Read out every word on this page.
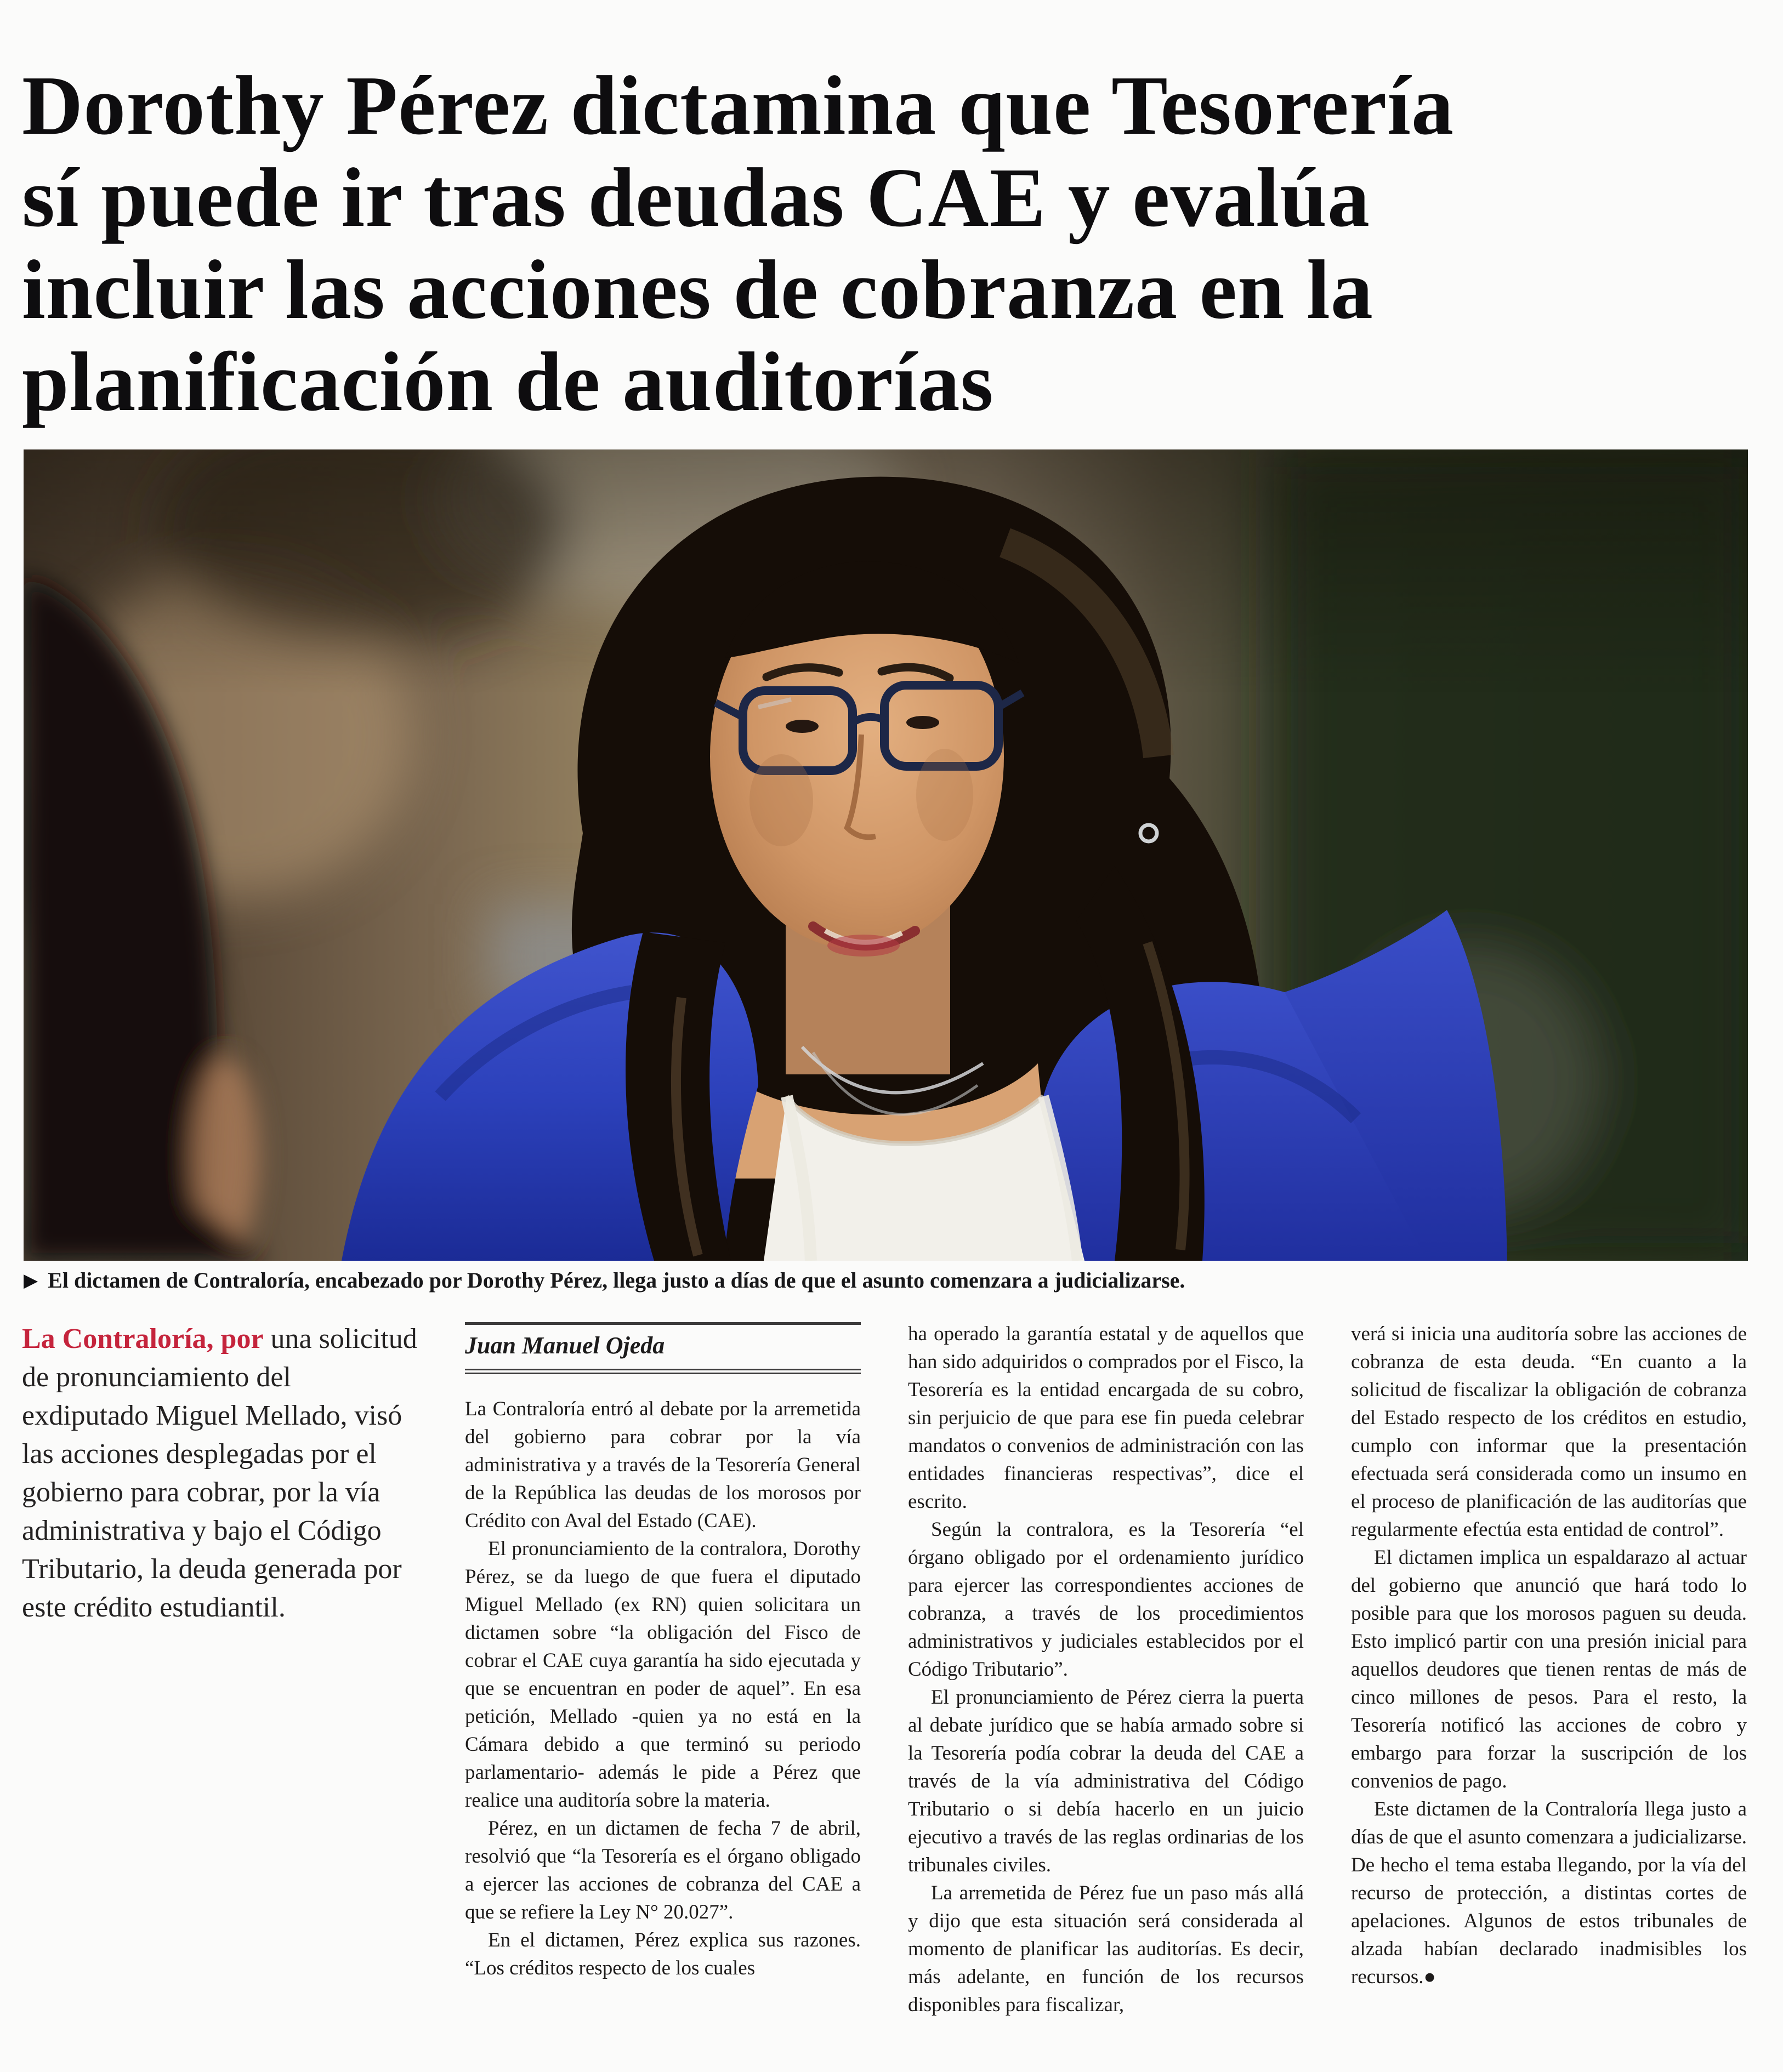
Dorothy Pérez dictamina que Tesorería
sí puede ir tras deudas CAE y evalúa
incluir las acciones de cobranza en la
planificación de auditorías
▶ El dictamen de Contraloría, encabezado por Dorothy Pérez, llega justo a días de que el asunto comenzara a judicializarse.

La Contraloría, por una solicitud de pronunciamiento del exdiputado Miguel Mellado, visó las acciones desplegadas por el gobierno para cobrar, por la vía administrativa y bajo el Código Tributario, la deuda generada por este crédito estudiantil.

Juan Manuel Ojeda

La Contraloría entró al debate por la arremetida del gobierno para cobrar por la vía administrativa y a través de la Tesorería General de la República las deudas de los morosos por Crédito con Aval del Estado (CAE).

El pronunciamiento de la contralora, Dorothy Pérez, se da luego de que fuera el diputado Miguel Mellado (ex RN) quien solicitara un dictamen sobre “la obligación del Fisco de cobrar el CAE cuya garantía ha sido ejecutada y que se encuentran en poder de aquel”. En esa petición, Mellado -quien ya no está en la Cámara debido a que terminó su periodo parlamentario- además le pide a Pérez que realice una auditoría sobre la materia.

Pérez, en un dictamen de fecha 7 de abril, resolvió que “la Tesorería es el órgano obligado a ejercer las acciones de cobranza del CAE a que se refiere la Ley N° 20.027”.

En el dictamen, Pérez explica sus razones. “Los créditos respecto de los cuales

ha operado la garantía estatal y de aquellos que han sido adquiridos o comprados por el Fisco, la Tesorería es la entidad encargada de su cobro, sin perjuicio de que para ese fin pueda celebrar mandatos o convenios de administración con las entidades financieras respectivas”, dice el escrito.

Según la contralora, es la Tesorería “el órgano obligado por el ordenamiento jurídico para ejercer las correspondientes acciones de cobranza, a través de los procedimientos administrativos y judiciales establecidos por el Código Tributario”.

El pronunciamiento de Pérez cierra la puerta al debate jurídico que se había armado sobre si la Tesorería podía cobrar la deuda del CAE a través de la vía administrativa del Código Tributario o si debía hacerlo en un juicio ejecutivo a través de las reglas ordinarias de los tribunales civiles.

La arremetida de Pérez fue un paso más allá y dijo que esta situación será considerada al momento de planificar las auditorías. Es decir, más adelante, en función de los recursos disponibles para fiscalizar,

verá si inicia una auditoría sobre las acciones de cobranza de esta deuda. “En cuanto a la solicitud de fiscalizar la obligación de cobranza del Estado respecto de los créditos en estudio, cumplo con informar que la presentación efectuada será considerada como un insumo en el proceso de planificación de las auditorías que regularmente efectúa esta entidad de control”.

El dictamen implica un espaldarazo al actuar del gobierno que anunció que hará todo lo posible para que los morosos paguen su deuda. Esto implicó partir con una presión inicial para aquellos deudores que tienen rentas de más de cinco millones de pesos. Para el resto, la Tesorería notificó las acciones de cobro y embargo para forzar la suscripción de los convenios de pago.

Este dictamen de la Contraloría llega justo a días de que el asunto comenzara a judicializarse. De hecho el tema estaba llegando, por la vía del recurso de protección, a distintas cortes de apelaciones. Algunos de estos tribunales de alzada habían declarado inadmisibles los recursos.●
